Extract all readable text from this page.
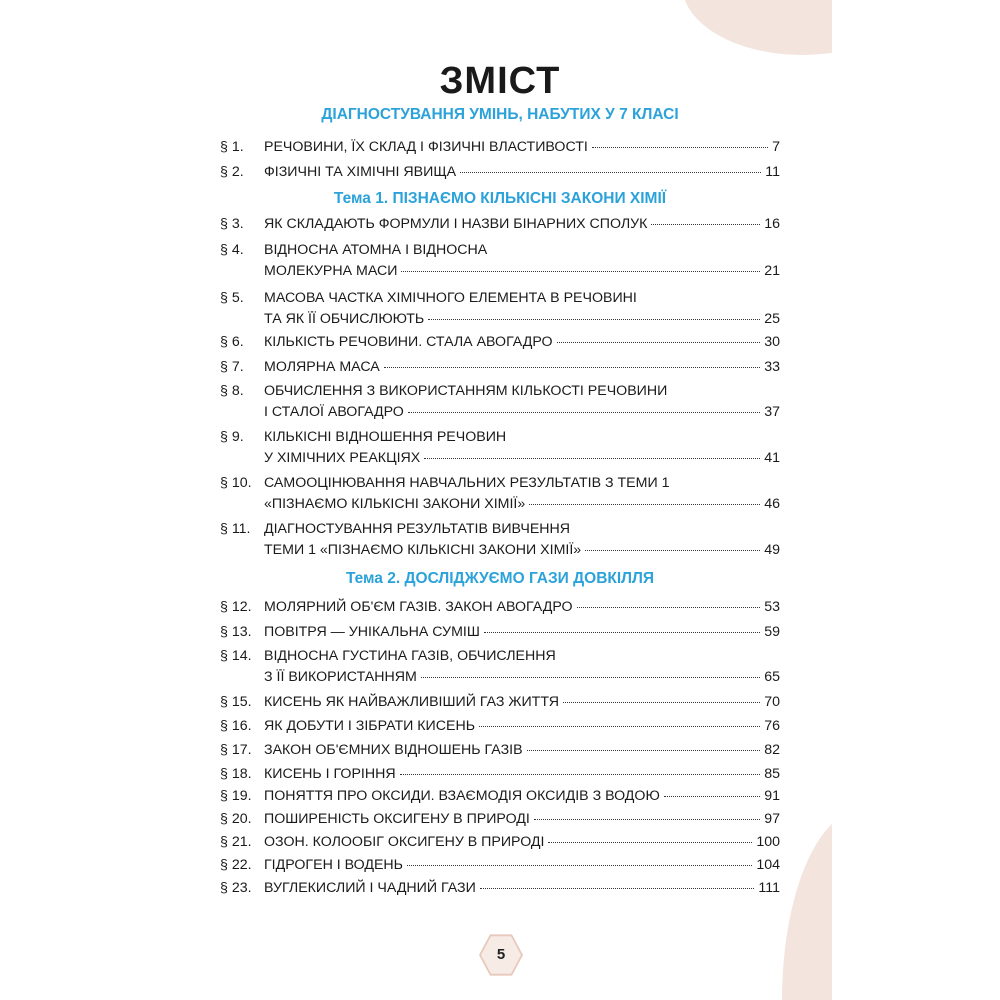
ЗМІСТ
ДІАГНОСТУВАННЯ УМІНЬ, НАБУТИХ У 7 КЛАСІ
Тема 1. ПІЗНАЄМО КІЛЬКІСНІ ЗАКОНИ ХІМІЇ
Тема 2. ДОСЛІДЖУЄМО ГАЗИ ДОВКІЛЛЯ
§ 1.	РЕЧОВИНИ, ЇХ СКЛАД І ФІЗИЧНІ ВЛАСТИВОСТІ	7
§ 2.	ФІЗИЧНІ ТА ХІМІЧНІ ЯВИЩА	11
§ 3.	ЯК СКЛАДАЮТЬ ФОРМУЛИ І НАЗВИ БІНАРНИХ СПОЛУК	16
§ 4.	ВІДНОСНА АТОМНА І ВІДНОСНА
МОЛЕКУРНА МАСИ	21
§ 5.	МАСОВА ЧАСТКА ХІМІЧНОГО ЕЛЕМЕНТА В РЕЧОВИНІ
ТА ЯК ЇЇ ОБЧИСЛЮЮТЬ	25
§ 6.	КІЛЬКІСТЬ РЕЧОВИНИ. СТАЛА АВОГАДРО	30
§ 7.	МОЛЯРНА МАСА	33
§ 8.	ОБЧИСЛЕННЯ З ВИКОРИСТАННЯМ КІЛЬКОСТІ РЕЧОВИНИ
І СТАЛОЇ АВОГАДРО	37
§ 9.	КІЛЬКІСНІ ВІДНОШЕННЯ РЕЧОВИН
У ХІМІЧНИХ РЕАКЦІЯХ	41
§ 10. САМООЦІНЮВАННЯ НАВЧАЛЬНИХ РЕЗУЛЬТАТІВ З ТЕМИ 1
«ПІЗНАЄМО КІЛЬКІСНІ ЗАКОНИ ХІМІЇ»	46
§ 11. ДІАГНОСТУВАННЯ РЕЗУЛЬТАТІВ ВИВЧЕННЯ
ТЕМИ 1 «ПІЗНАЄМО КІЛЬКІСНІ ЗАКОНИ ХІМІЇ»	49
§ 12. МОЛЯРНИЙ ОБ'ЄМ ГАЗІВ. ЗАКОН АВОГАДРО	53
§ 13. ПОВІТРЯ — УНІКАЛЬНА СУМІШ	59
§ 14. ВІДНОСНА ГУСТИНА ГАЗІВ, ОБЧИСЛЕННЯ
З ЇЇ ВИКОРИСТАННЯМ	65
§ 15. КИСЕНЬ ЯК НАЙВАЖЛИВІШИЙ ГАЗ ЖИТТЯ	70
§ 16. ЯК ДОБУТИ І ЗІБРАТИ КИСЕНЬ	76
§ 17. ЗАКОН ОБ'ЄМНИХ ВІДНОШЕНЬ ГАЗІВ	82
§ 18. КИСЕНЬ І ГОРІННЯ	85
§ 19. ПОНЯТТЯ ПРО ОКСИДИ. ВЗАЄМОДІЯ ОКСИДІВ З ВОДОЮ	91
§ 20. ПОШИРЕНІСТЬ ОКСИГЕНУ В ПРИРОДІ	97
§ 21. ОЗОН. КОЛООБІГ ОКСИГЕНУ В ПРИРОДІ	100
§ 22. ГІДРОГЕН І ВОДЕНЬ	104
§ 23. ВУГЛЕКИСЛИЙ І ЧАДНИЙ ГАЗИ	111
5
